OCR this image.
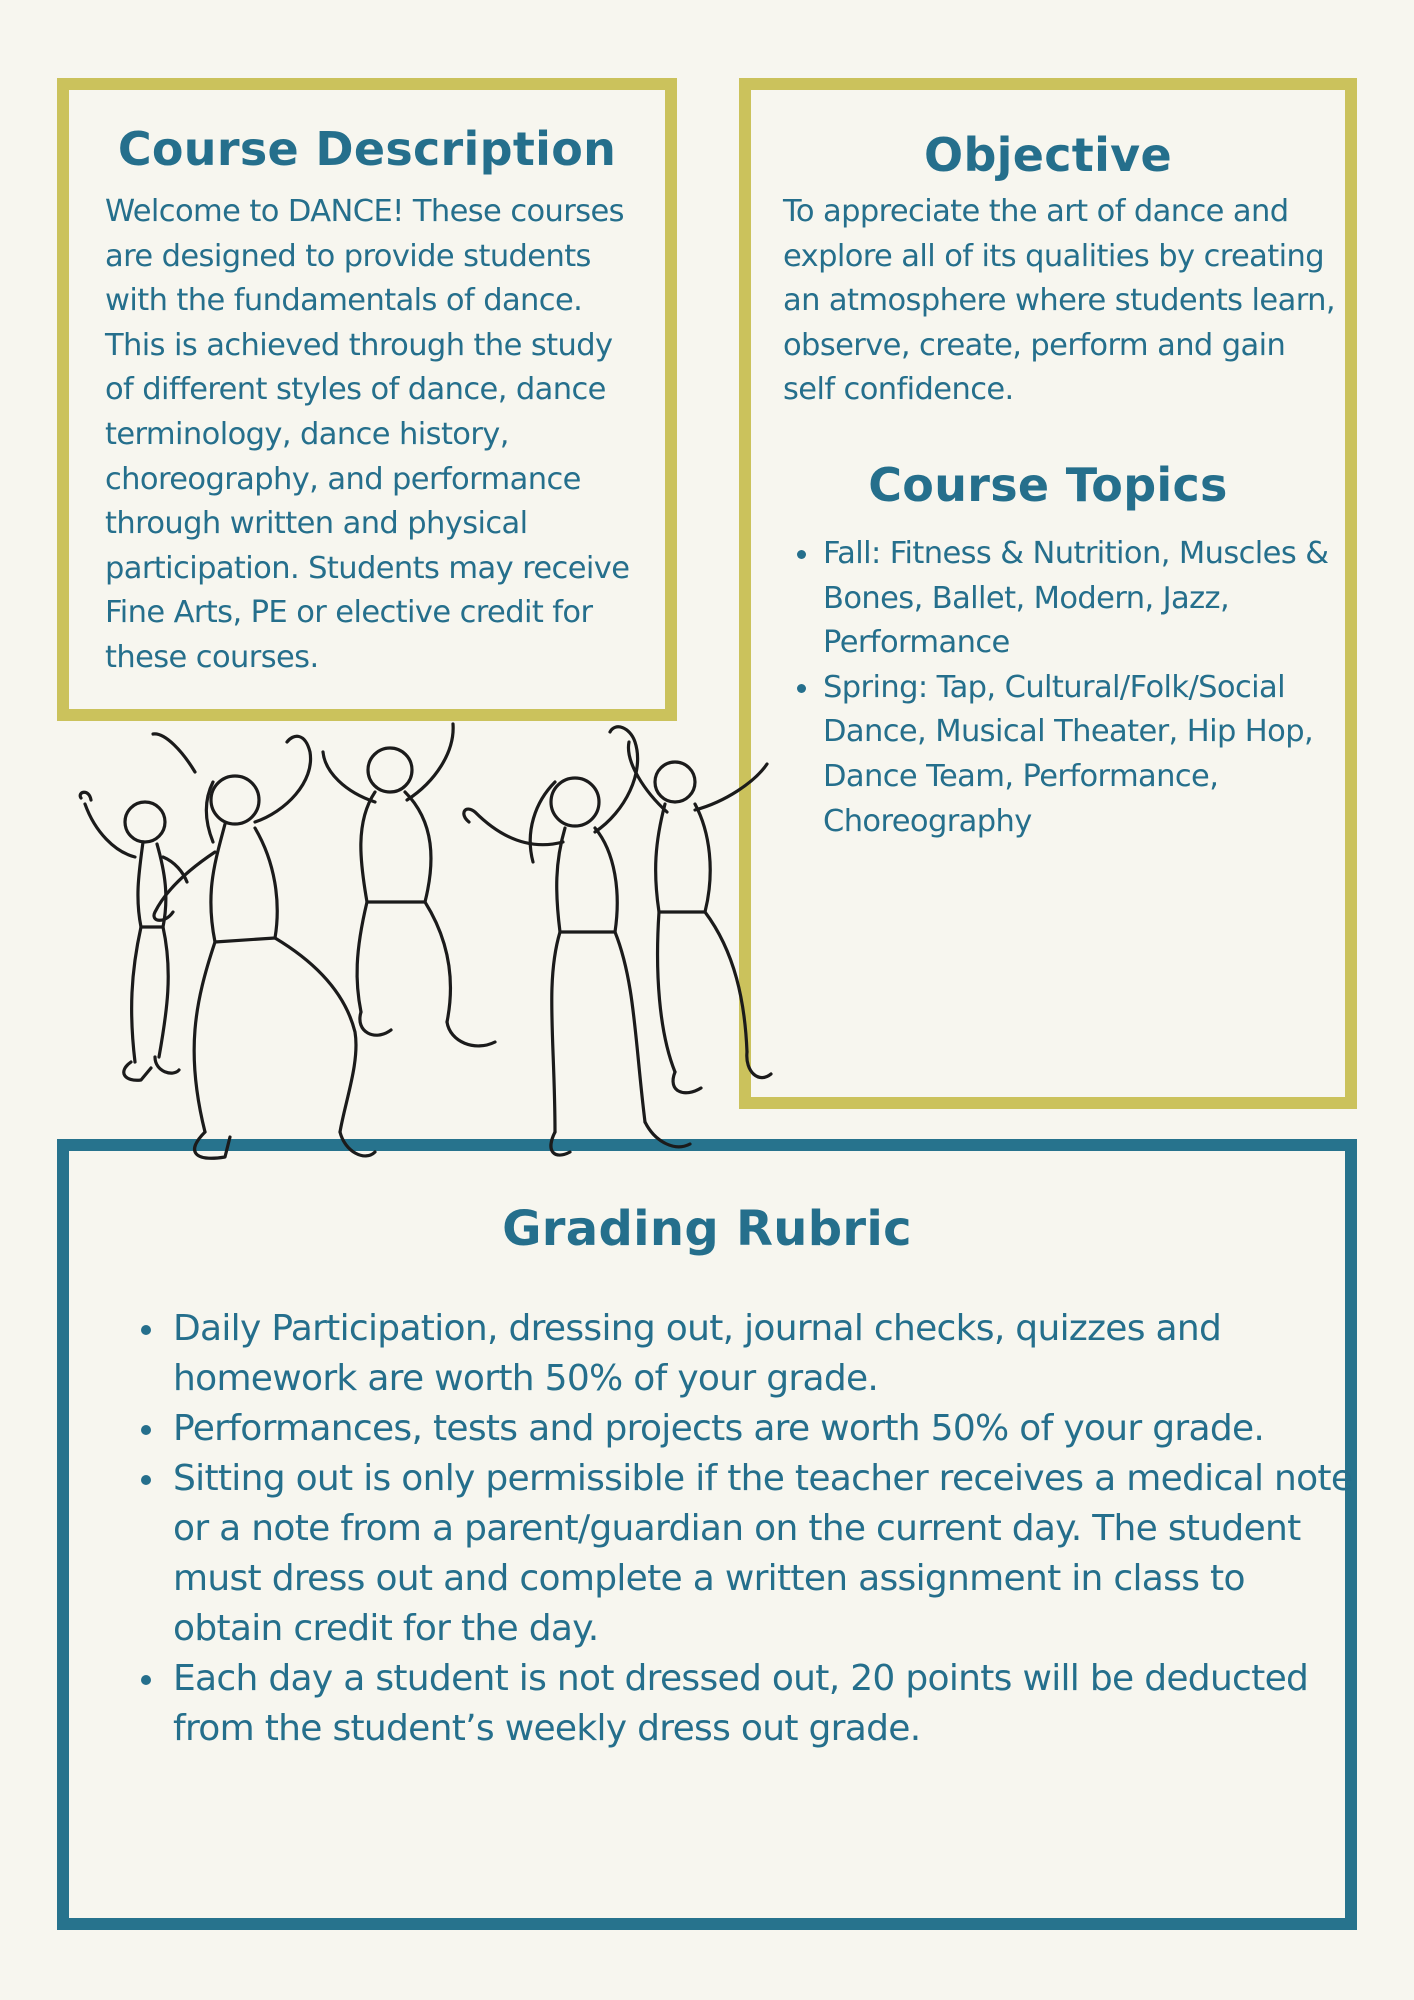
Course Description

Welcome to DANCE! These courses are designed to provide students with the fundamentals of dance. This is achieved through the study of different styles of dance, dance terminology, dance history, choreography, and performance through written and physical participation. Students may receive Fine Arts, PE or elective credit for these courses.

Objective

To appreciate the art of dance and explore all of its qualities by creating an atmosphere where students learn, observe, create, perform and gain self confidence.

Course Topics
Fall: Fitness & Nutrition, Muscles & Bones, Ballet, Modern, Jazz, Performance
Spring: Tap, Cultural/Folk/Social Dance, Musical Theater, Hip Hop, Dance Team, Performance, Choreography
Grading Rubric
Daily Participation, dressing out, journal checks, quizzes and homework are worth 50% of your grade.
Performances, tests and projects are worth 50% of your grade.
Sitting out is only permissible if the teacher receives a medical note or a note from a parent/guardian on the current day. The student must dress out and complete a written assignment in class to obtain credit for the day.
Each day a student is not dressed out, 20 points will be deducted from the student’s weekly dress out grade.
